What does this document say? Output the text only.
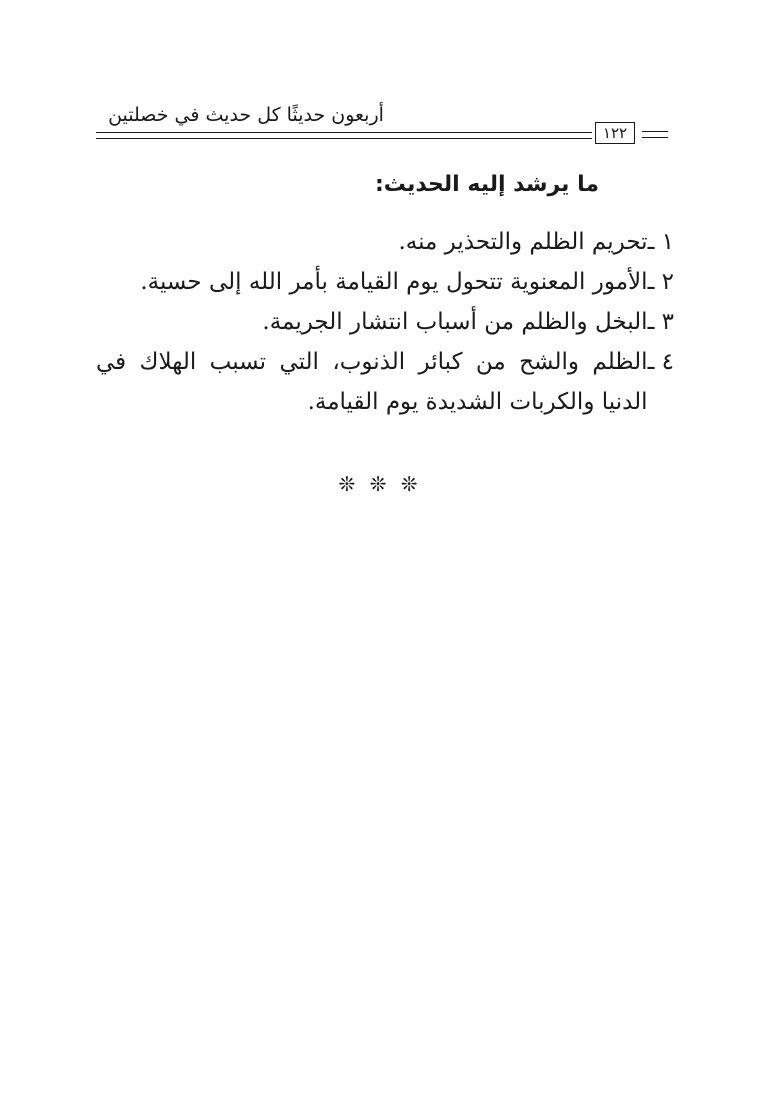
أربعون حديثًا كل حديث في خصلتين
١٢٢
ما يرشد إليه الحديث:
١ ـ
تحريم الظلم والتحذير منه.
٢ ـ
الأمور المعنوية تتحول يوم القيامة بأمر الله إلى حسية.
٣ ـ
البخل والظلم من أسباب انتشار الجريمة.
٤ ـ
الظلم والشح من كبائر الذنوب، التي تسبب الهلاك في الدنيا والكربات الشديدة يوم القيامة.
❊ ❊ ❊
